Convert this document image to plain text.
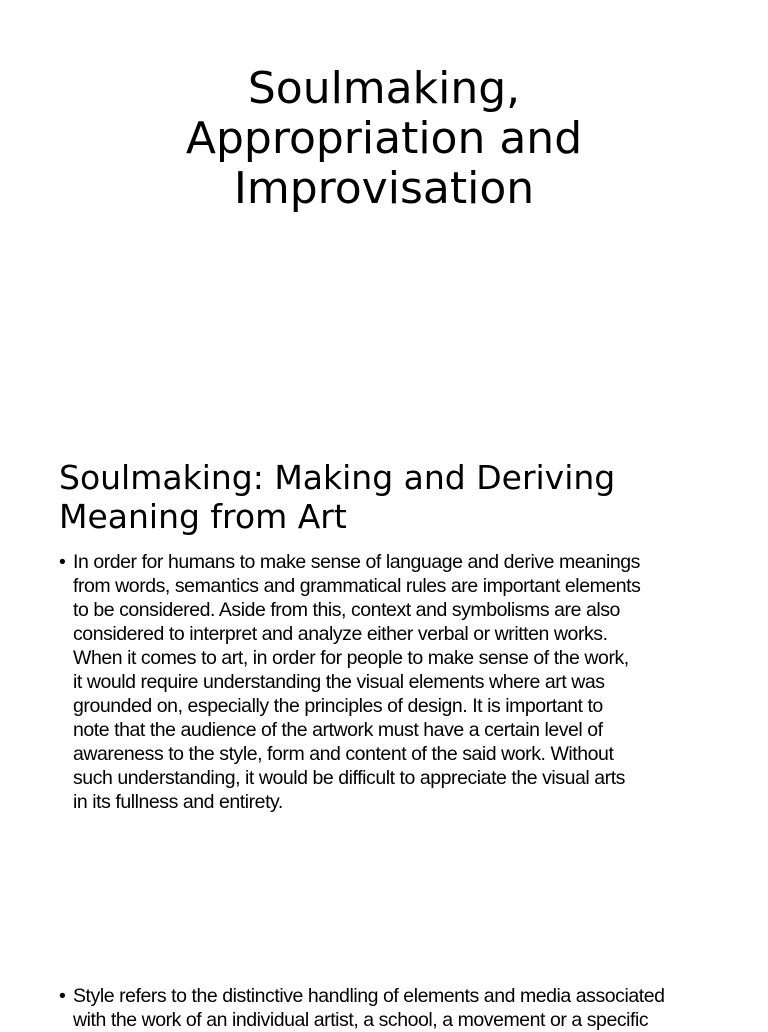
Soulmaking,
Appropriation and
Improvisation
Soulmaking: Making and Deriving
Meaning from Art
• In order for humans to make sense of language and derive meanings
from words, semantics and grammatical rules are important elements
to be considered. Aside from this, context and symbolisms are also
considered to interpret and analyze either verbal or written works.
When it comes to art, in order for people to make sense of the work,
it would require understanding the visual elements where art was
grounded on, especially the principles of design. It is important to
note that the audience of the artwork must have a certain level of
awareness to the style, form and content of the said work. Without
such understanding, it would be difficult to appreciate the visual arts
in its fullness and entirety.
• Style refers to the distinctive handling of elements and media associated
with the work of an individual artist, a school, a movement or a specific
